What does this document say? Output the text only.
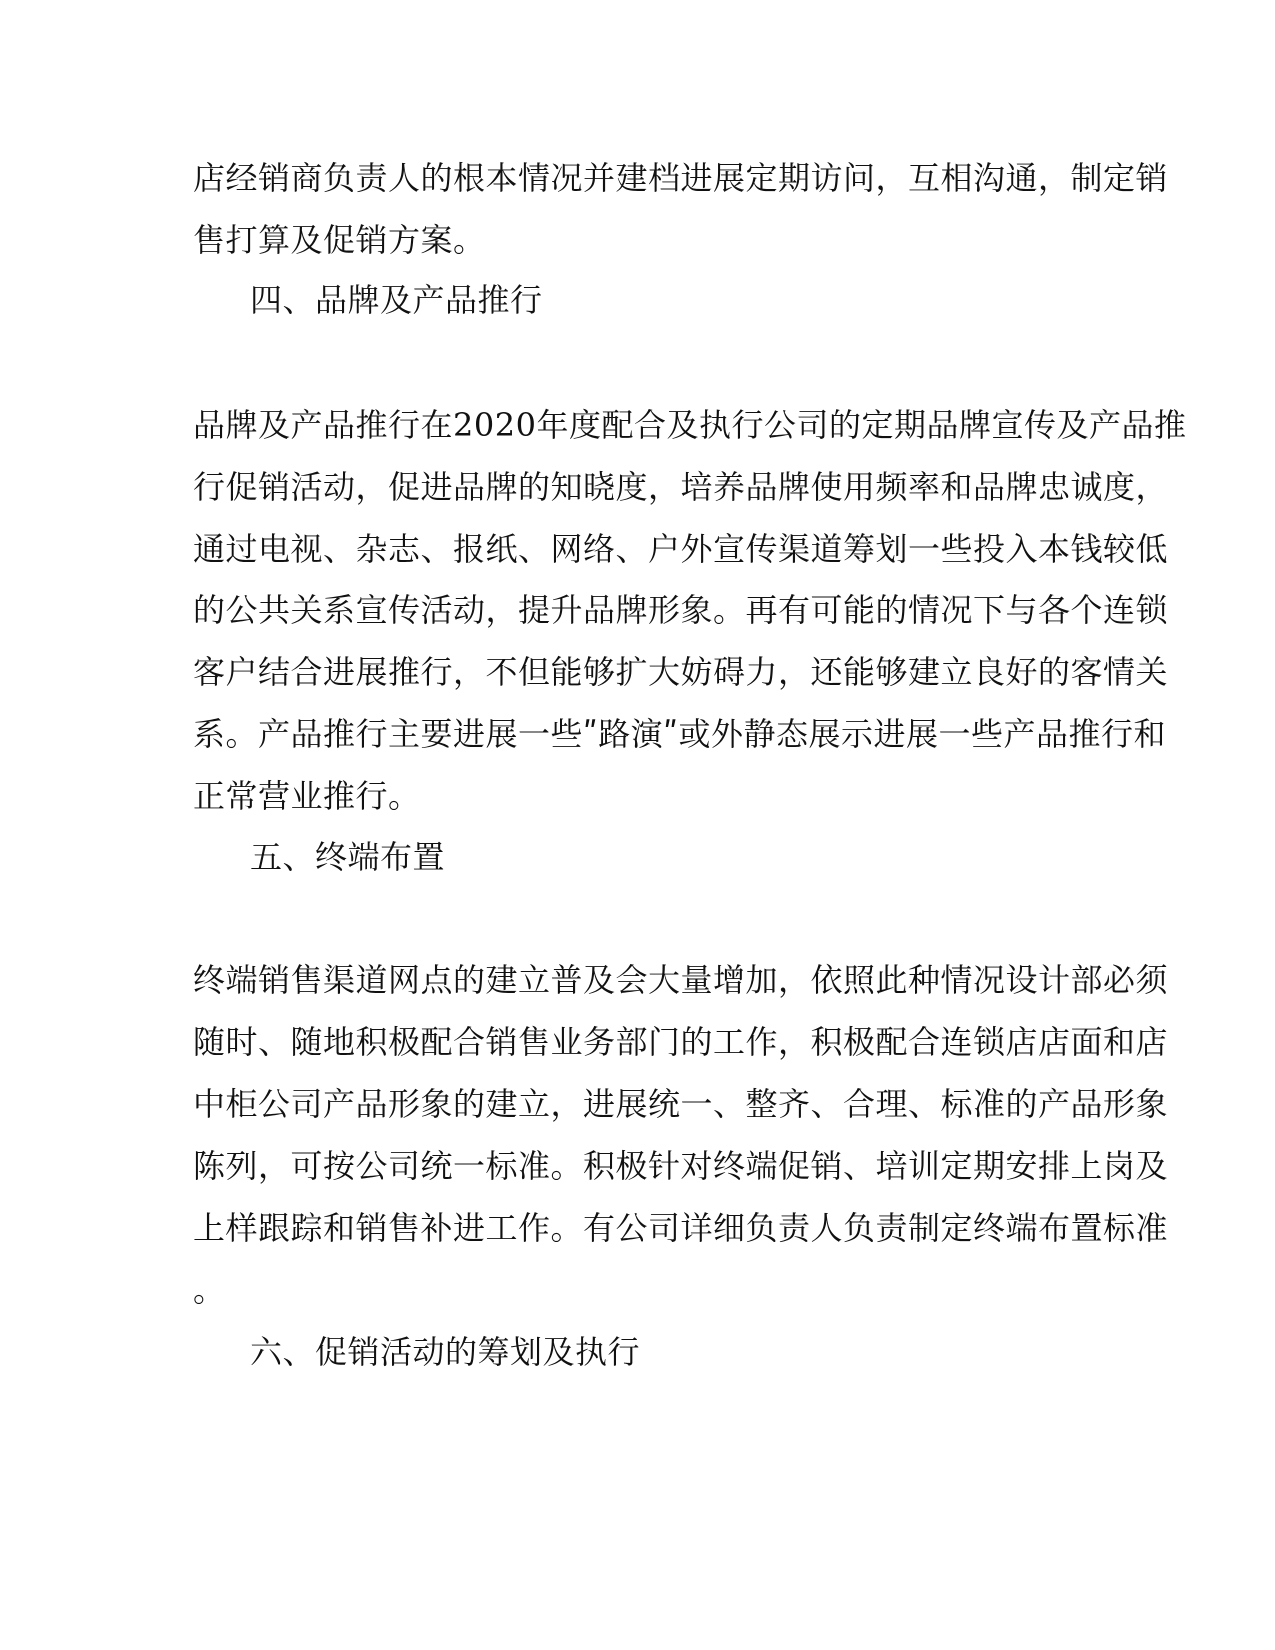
店经销商负责人的根本情况并建档进展定期访问，互相沟通，制定销
售打算及促销方案。
四、品牌及产品推行
品牌及产品推行在2020年度配合及执行公司的定期品牌宣传及产品推
行促销活动，促进品牌的知晓度，培养品牌使用频率和品牌忠诚度，
通过电视、杂志、报纸、网络、户外宣传渠道筹划一些投入本钱较低
的公共关系宣传活动，提升品牌形象。再有可能的情况下与各个连锁
客户结合进展推行，不但能够扩大妨碍力，还能够建立良好的客情关
系。产品推行主要进展一些ʺ路演ʺ或外静态展示进展一些产品推行和
正常营业推行。
五、终端布置
终端销售渠道网点的建立普及会大量增加，依照此种情况设计部必须
随时、随地积极配合销售业务部门的工作，积极配合连锁店店面和店
中柜公司产品形象的建立，进展统一、整齐、合理、标准的产品形象
陈列，可按公司统一标准。积极针对终端促销、培训定期安排上岗及
上样跟踪和销售补进工作。有公司详细负责人负责制定终端布置标准
。
六、促销活动的筹划及执行
